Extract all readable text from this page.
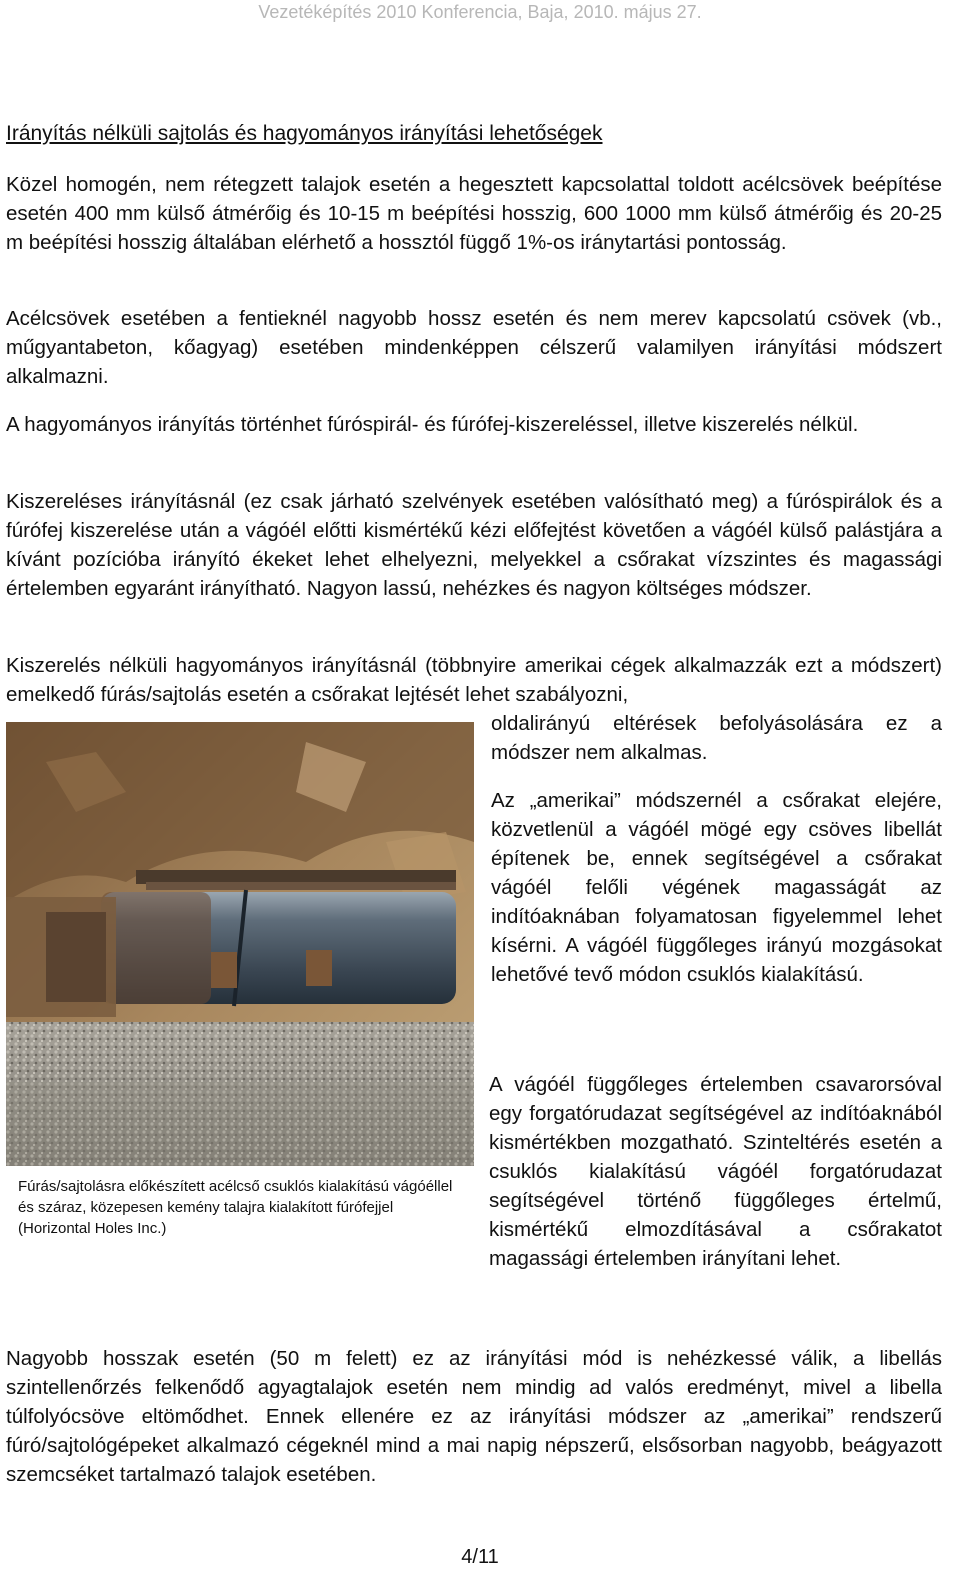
Vezetéképítés 2010 Konferencia, Baja, 2010. május 27.
Irányítás nélküli sajtolás és hagyományos irányítási lehetőségek

Közel homogén, nem rétegzett talajok esetén a hegesztett kapcsolattal toldott acélcsövek beépítése esetén 400 mm külső átmérőig és 10-15 m beépítési hosszig, 600 1000 mm külső átmérőig és 20-25 m beépítési hosszig általában elérhető a hossztól függő 1%-os iránytartási pontosság.

Acélcsövek esetében a fentieknél nagyobb hossz esetén és nem merev kapcsolatú csövek (vb., műgyantabeton, kőagyag) esetében mindenképpen célszerű valamilyen irányítási módszert alkalmazni.

A hagyományos irányítás történhet fúróspirál- és fúrófej-kiszereléssel, illetve kiszerelés nélkül.

Kiszereléses irányításnál (ez csak járható szelvények esetében valósítható meg) a fúróspirálok és a fúrófej kiszerelése után a vágóél előtti kismértékű kézi előfejtést követően a vágóél külső palástjára a kívánt pozícióba irányító ékeket lehet elhelyezni, melyekkel a csőrakat vízszintes és magassági értelemben egyaránt irányítható. Nagyon lassú, nehézkes és nagyon költséges módszer.

Kiszerelés nélküli hagyományos irányításnál (többnyire amerikai cégek alkalmazzák ezt a módszert) emelkedő fúrás/sajtolás esetén a csőrakat lejtését lehet szabályozni,

oldalirányú eltérések befolyásolására ez a módszer nem alkalmas.

Az „amerikai” módszernél a csőrakat elejére, közvetlenül a vágóél mögé egy csöves libellát építenek be, ennek segítségével a csőrakat vágóél felőli végének magasságát az indítóaknában folyamatosan figyelemmel lehet kísérni. A vágóél függőleges irányú mozgásokat lehetővé tevő módon csuklós kialakítású.

A vágóél függőleges értelemben csavarorsóval egy forgatórudazat segítségével az indítóaknából kismértékben mozgatható. Szinteltérés esetén a csuklós kialakítású vágóél forgatórudazat segítségével történő függőleges értelmű, kismértékű elmozdításával a csőrakatot magassági értelemben irányítani lehet.

Fúrás/sajtolásra előkészített acélcső csuklós kialakítású vágóéllel és száraz, közepesen kemény talajra kialakított fúrófejjel (Horizontal Holes Inc.)

Nagyobb hosszak esetén (50 m felett) ez az irányítási mód is nehézkessé válik, a libellás szintellenőrzés felkenődő agyagtalajok esetén nem mindig ad valós eredményt, mivel a libella túlfolyócsöve eltömődhet. Ennek ellenére ez az irányítási módszer az „amerikai” rendszerű fúró/sajtológépeket alkalmazó cégeknél mind a mai napig népszerű, elsősorban nagyobb, beágyazott szemcséket tartalmazó talajok esetében.

4/11
